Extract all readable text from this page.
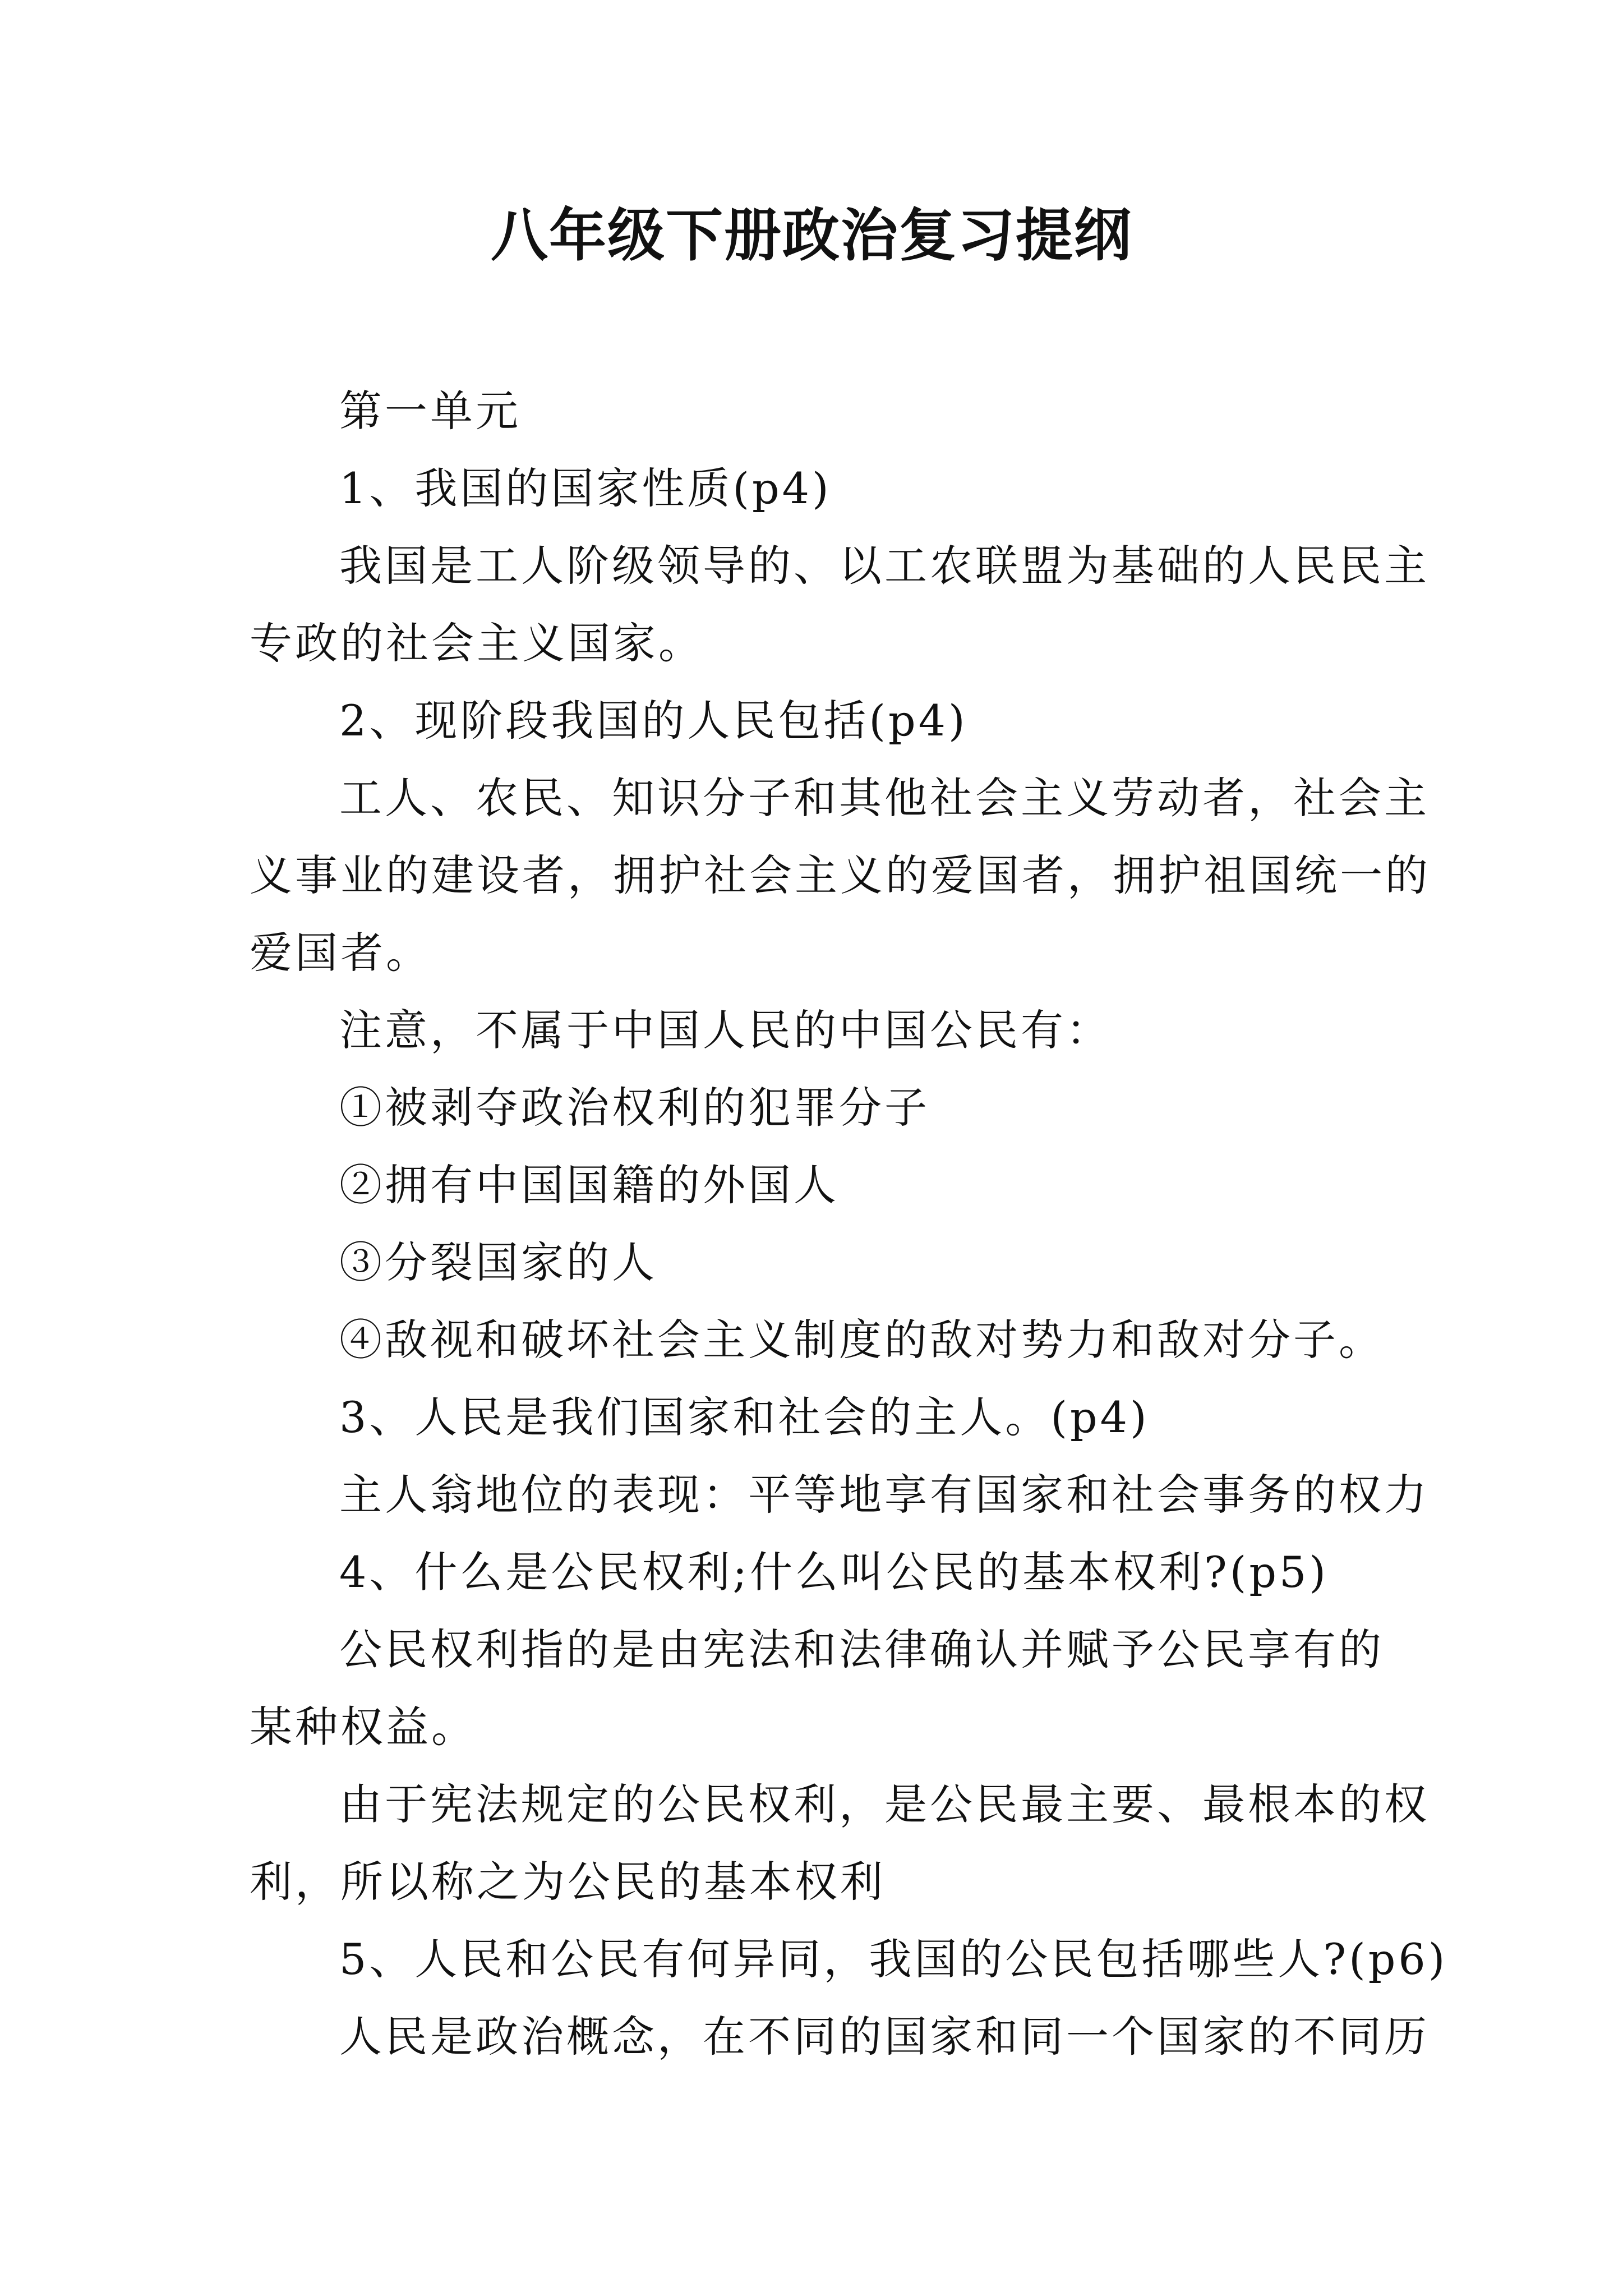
八年级下册政治复习提纲
第一单元
1、我国的国家性质(p4)
我国是工人阶级领导的、以工农联盟为基础的人民民主
专政的社会主义国家。
2、现阶段我国的人民包括(p4)
工人、农民、知识分子和其他社会主义劳动者，社会主
义事业的建设者，拥护社会主义的爱国者，拥护祖国统一的
爱国者。
注意，不属于中国人民的中国公民有：
①被剥夺政治权利的犯罪分子
②拥有中国国籍的外国人
③分裂国家的人
④敌视和破坏社会主义制度的敌对势力和敌对分子。
3、人民是我们国家和社会的主人。(p4)
主人翁地位的表现：平等地享有国家和社会事务的权力
4、什么是公民权利;什么叫公民的基本权利?(p5)
公民权利指的是由宪法和法律确认并赋予公民享有的
某种权益。
由于宪法规定的公民权利，是公民最主要、最根本的权
利，所以称之为公民的基本权利
5、人民和公民有何异同，我国的公民包括哪些人?(p6)
人民是政治概念，在不同的国家和同一个国家的不同历
